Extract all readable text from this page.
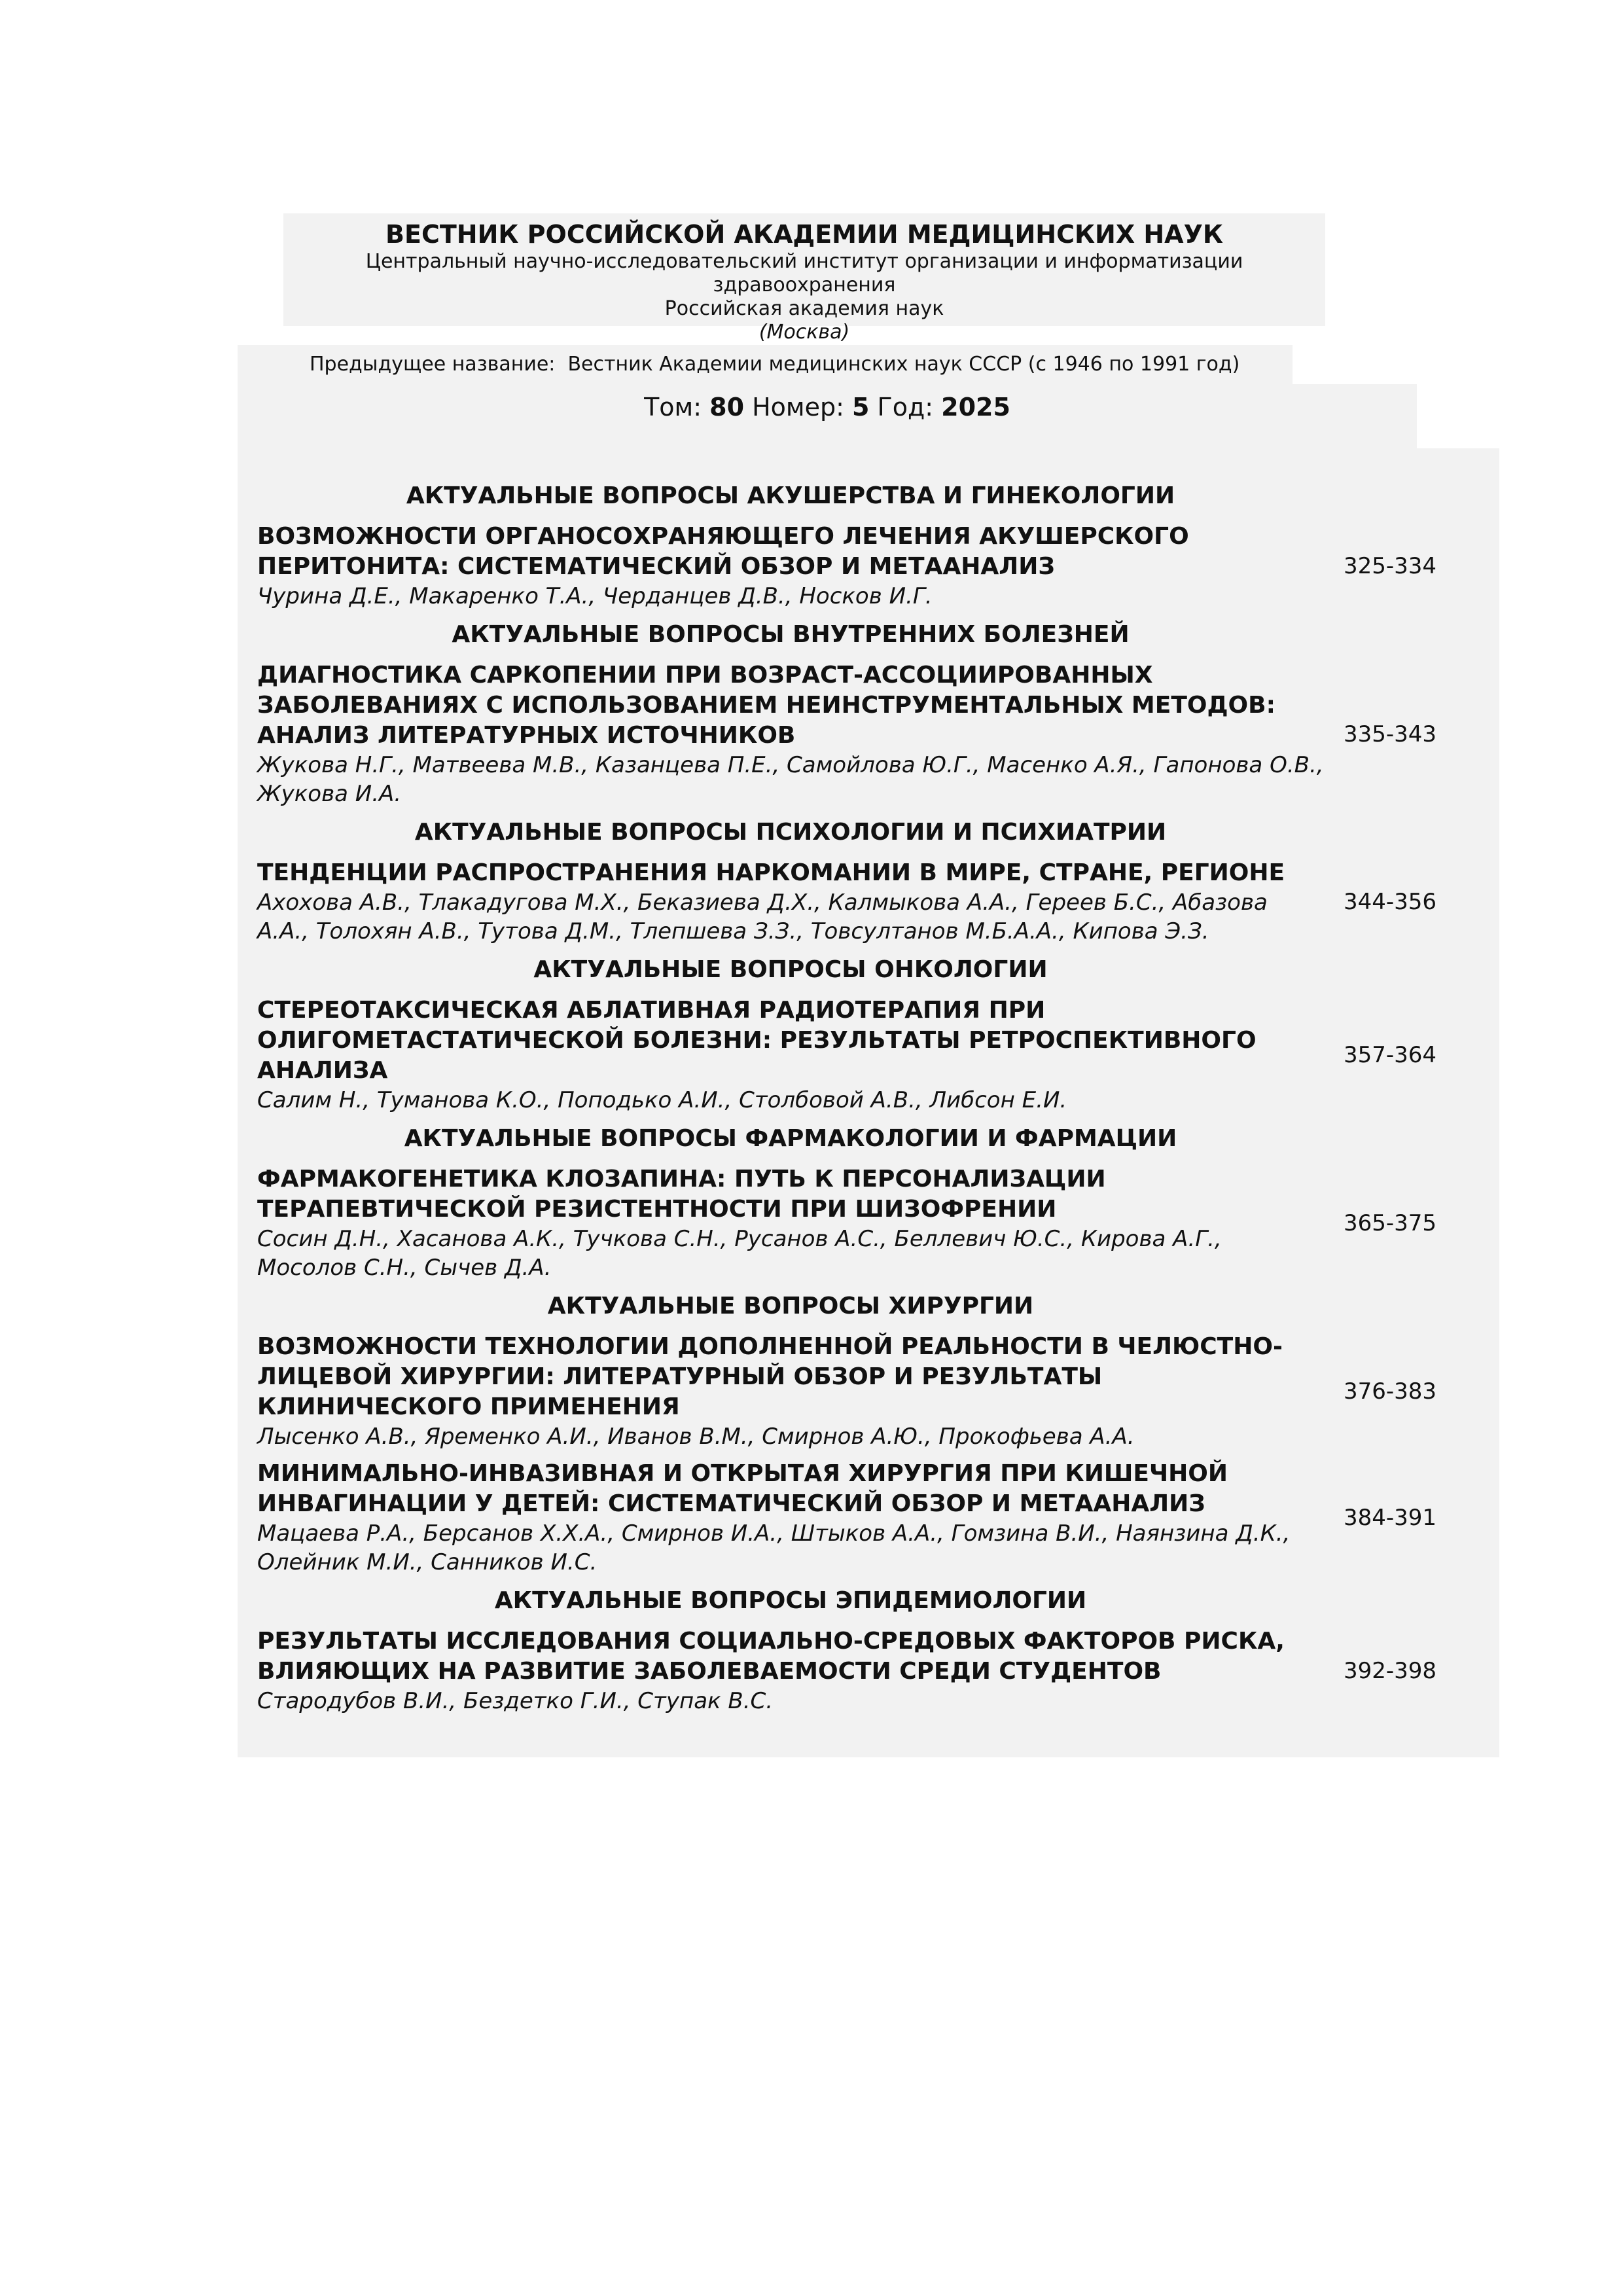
ВЕСТНИК РОССИЙСКОЙ АКАДЕМИИ МЕДИЦИНСКИХ НАУК
Центральный научно-исследовательский институт организации и информатизации здравоохранения
Российская академия наук
(Москва)
Предыдущее название: Вестник Академии медицинских наук СССР (с 1946 по 1991 год)
Том: 80 Номер: 5 Год: 2025
АКТУАЛЬНЫЕ ВОПРОСЫ АКУШЕРСТВА И ГИНЕКОЛОГИИ
ВОЗМОЖНОСТИ ОРГАНОСОХРАНЯЮЩЕГО ЛЕЧЕНИЯ АКУШЕРСКОГО ПЕРИТОНИТА: СИСТЕМАТИЧЕСКИЙ ОБЗОР И МЕТААНАЛИЗ
Чурина Д.Е., Макаренко Т.А., Черданцев Д.В., Носков И.Г.
325-334
АКТУАЛЬНЫЕ ВОПРОСЫ ВНУТРЕННИХ БОЛЕЗНЕЙ
ДИАГНОСТИКА САРКОПЕНИИ ПРИ ВОЗРАСТ-АССОЦИИРОВАННЫХ ЗАБОЛЕВАНИЯХ С ИСПОЛЬЗОВАНИЕМ НЕИНСТРУМЕНТАЛЬНЫХ МЕТОДОВ: АНАЛИЗ ЛИТЕРАТУРНЫХ ИСТОЧНИКОВ
Жукова Н.Г., Матвеева М.В., Казанцева П.Е., Самойлова Ю.Г., Масенко А.Я., Гапонова О.В., Жукова И.А.
335-343
АКТУАЛЬНЫЕ ВОПРОСЫ ПСИХОЛОГИИ И ПСИХИАТРИИ
ТЕНДЕНЦИИ РАСПРОСТРАНЕНИЯ НАРКОМАНИИ В МИРЕ, СТРАНЕ, РЕГИОНЕ
Ахохова А.В., Тлакадугова М.Х., Беказиева Д.Х., Калмыкова А.А., Гереев Б.С., Абазова А.А., Толохян А.В., Тутова Д.М., Тлепшева З.З., Товсултанов М.Б.А.А., Кипова Э.З.
344-356
АКТУАЛЬНЫЕ ВОПРОСЫ ОНКОЛОГИИ
СТЕРЕОТАКСИЧЕСКАЯ АБЛАТИВНАЯ РАДИОТЕРАПИЯ ПРИ ОЛИГОМЕТАСТАТИЧЕСКОЙ БОЛЕЗНИ: РЕЗУЛЬТАТЫ РЕТРОСПЕКТИВНОГО АНАЛИЗА
Салим Н., Туманова К.О., Поподько А.И., Столбовой А.В., Либсон Е.И.
357-364
АКТУАЛЬНЫЕ ВОПРОСЫ ФАРМАКОЛОГИИ И ФАРМАЦИИ
ФАРМАКОГЕНЕТИКА КЛОЗАПИНА: ПУТЬ К ПЕРСОНАЛИЗАЦИИ ТЕРАПЕВТИЧЕСКОЙ РЕЗИСТЕНТНОСТИ ПРИ ШИЗОФРЕНИИ
Сосин Д.Н., Хасанова А.К., Тучкова С.Н., Русанов А.С., Беллевич Ю.С., Кирова А.Г., Мосолов С.Н., Сычев Д.А.
365-375
АКТУАЛЬНЫЕ ВОПРОСЫ ХИРУРГИИ
ВОЗМОЖНОСТИ ТЕХНОЛОГИИ ДОПОЛНЕННОЙ РЕАЛЬНОСТИ В ЧЕЛЮСТНО-ЛИЦЕВОЙ ХИРУРГИИ: ЛИТЕРАТУРНЫЙ ОБЗОР И РЕЗУЛЬТАТЫ КЛИНИЧЕСКОГО ПРИМЕНЕНИЯ
Лысенко А.В., Яременко А.И., Иванов В.М., Смирнов А.Ю., Прокофьева А.А.
376-383
МИНИМАЛЬНО-ИНВАЗИВНАЯ И ОТКРЫТАЯ ХИРУРГИЯ ПРИ КИШЕЧНОЙ ИНВАГИНАЦИИ У ДЕТЕЙ: СИСТЕМАТИЧЕСКИЙ ОБЗОР И МЕТААНАЛИЗ
Мацаева Р.А., Берсанов Х.Х.А., Смирнов И.А., Штыков А.А., Гомзина В.И., Наянзина Д.К., Олейник М.И., Санников И.С.
384-391
АКТУАЛЬНЫЕ ВОПРОСЫ ЭПИДЕМИОЛОГИИ
РЕЗУЛЬТАТЫ ИССЛЕДОВАНИЯ СОЦИАЛЬНО-СРЕДОВЫХ ФАКТОРОВ РИСКА, ВЛИЯЮЩИХ НА РАЗВИТИЕ ЗАБОЛЕВАЕМОСТИ СРЕДИ СТУДЕНТОВ
Стародубов В.И., Бездетко Г.И., Ступак В.С.
392-398
